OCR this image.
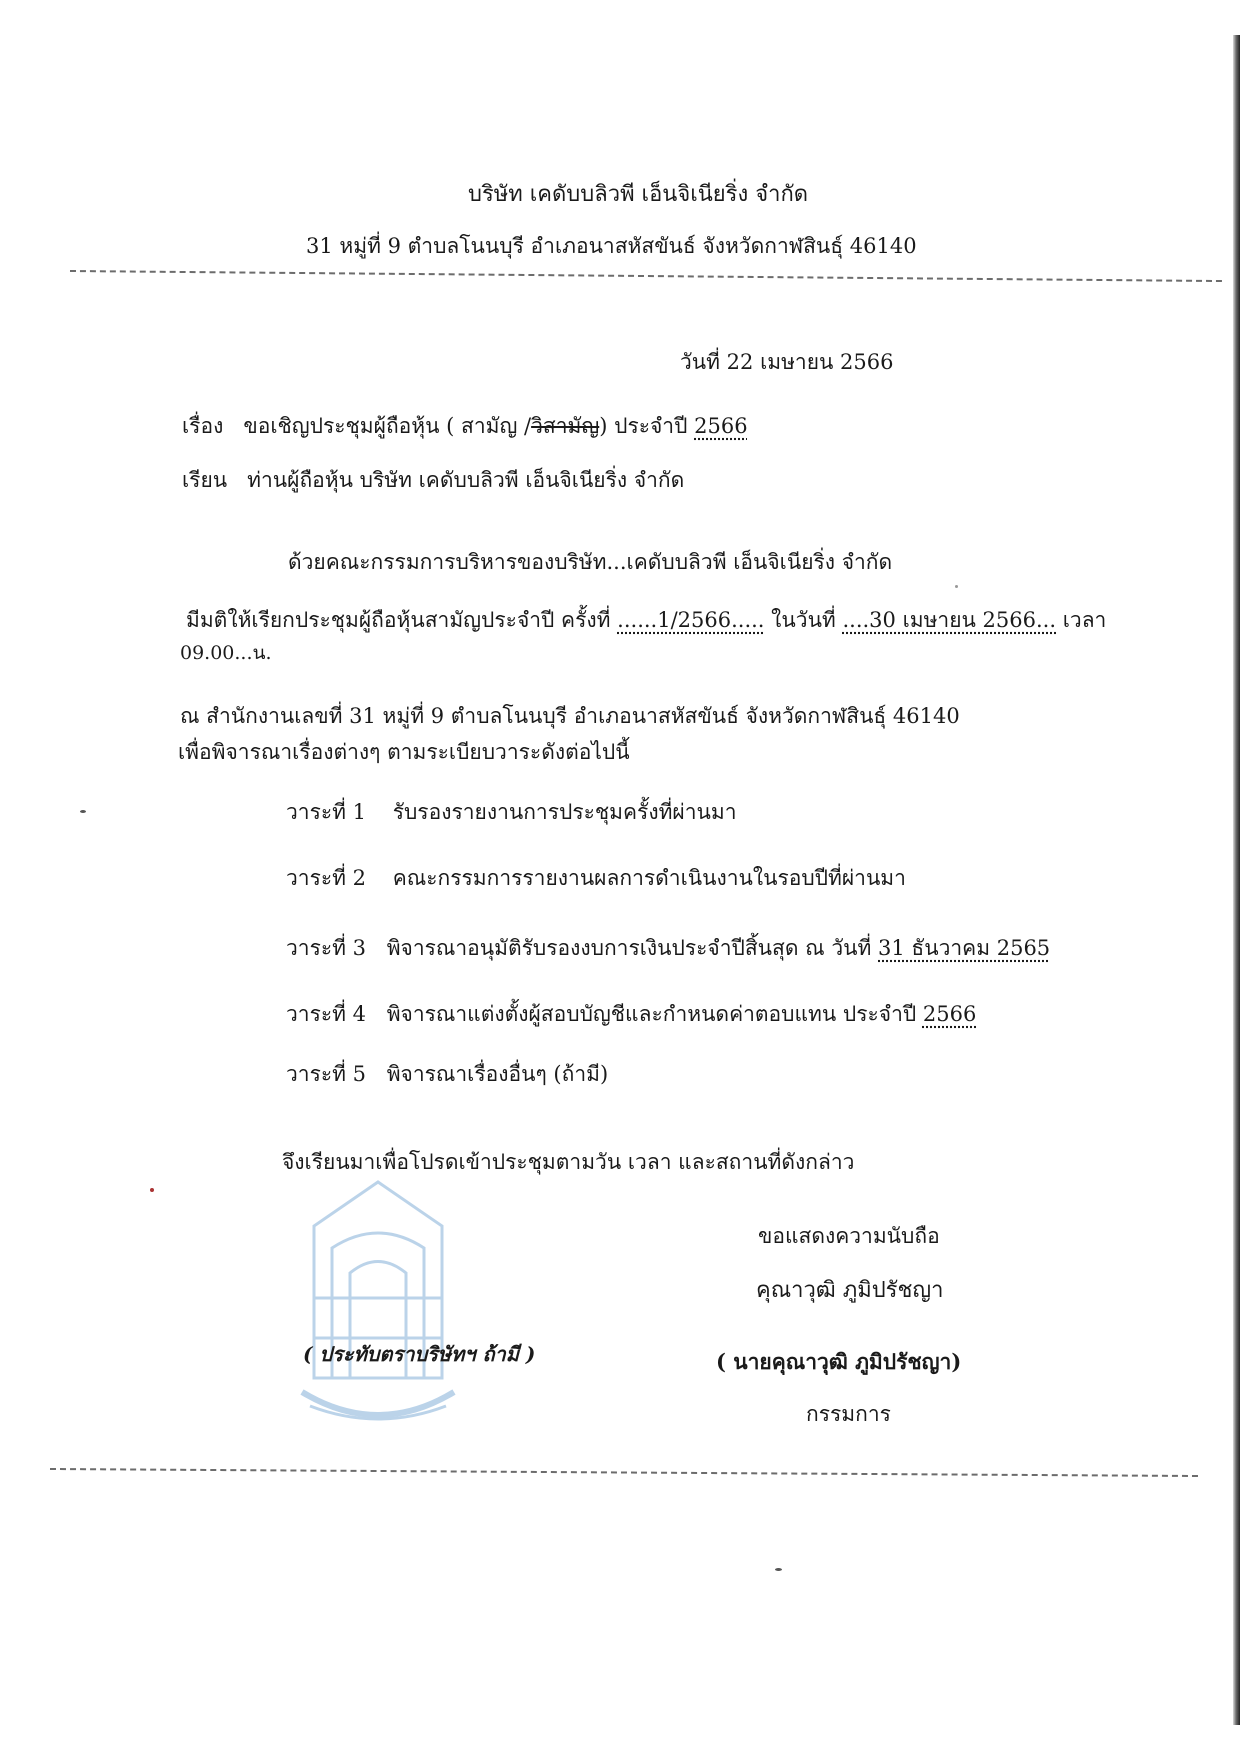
บริษัท เคดับบลิวพี เอ็นจิเนียริ่ง จำกัด
31 หมู่ที่ 9 ตำบลโนนบุรี อำเภอนาสหัสขันธ์ จังหวัดกาฬสินธุ์ 46140
วันที่ 22 เมษายน 2566
เรื่อง ขอเชิญประชุมผู้ถือหุ้น ( สามัญ /วิสามัญ) ประจำปี 2566
เรียน ท่านผู้ถือหุ้น บริษัท เคดับบลิวพี เอ็นจิเนียริ่ง จำกัด
ด้วยคณะกรรมการบริหารของบริษัท...เคดับบลิวพี เอ็นจิเนียริ่ง จำกัด
มีมติให้เรียกประชุมผู้ถือหุ้นสามัญประจำปี ครั้งที่ ......1/2566..... ในวันที่ ....30 เมษายน 2566... เวลา
09.00...น.
ณ สำนักงานเลขที่ 31 หมู่ที่ 9 ตำบลโนนบุรี อำเภอนาสหัสขันธ์ จังหวัดกาฬสินธุ์ 46140
เพื่อพิจารณาเรื่องต่างๆ ตามระเบียบวาระดังต่อไปนี้
วาระที่ 1 รับรองรายงานการประชุมครั้งที่ผ่านมา
วาระที่ 2 คณะกรรมการรายงานผลการดำเนินงานในรอบปีที่ผ่านมา
วาระที่ 3 พิจารณาอนุมัติรับรองงบการเงินประจำปีสิ้นสุด ณ วันที่ 31 ธันวาคม 2565
วาระที่ 4 พิจารณาแต่งตั้งผู้สอบบัญชีและกำหนดค่าตอบแทน ประจำปี 2566
วาระที่ 5 พิจารณาเรื่องอื่นๆ (ถ้ามี)
จึงเรียนมาเพื่อโปรดเข้าประชุมตามวัน เวลา และสถานที่ดังกล่าว
( ประทับตราบริษัทฯ ถ้ามี )
ขอแสดงความนับถือ
คุณาวุฒิ ภูมิปรัชญา
( นายคุณาวุฒิ ภูมิปรัชญา)
กรรมการ
